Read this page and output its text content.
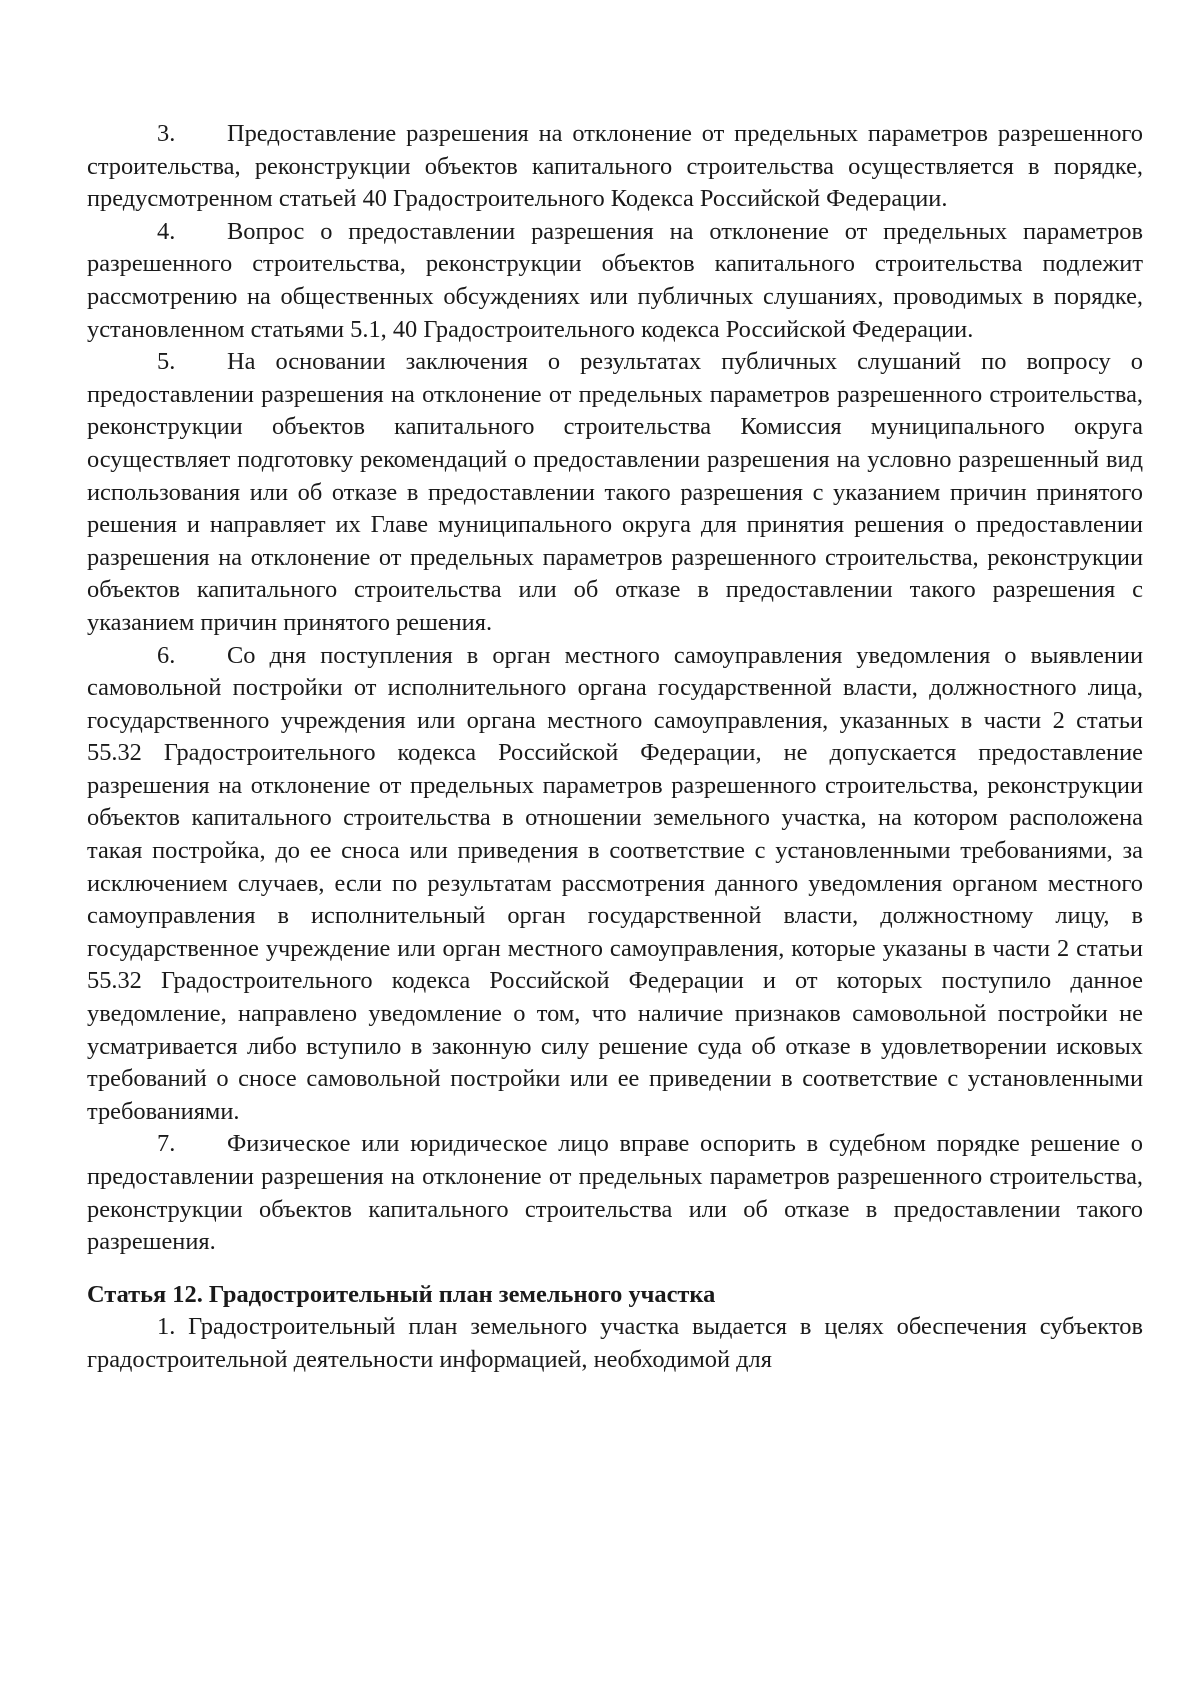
3. Предоставление разрешения на отклонение от предельных параметров разрешенного строительства, реконструкции объектов капитального строительства осуществляется в порядке, предусмотренном статьей 40 Градостроительного Кодекса Российской Федерации.

4. Вопрос о предоставлении разрешения на отклонение от предельных параметров разрешенного строительства, реконструкции объектов капитального строительства подлежит рассмотрению на общественных обсуждениях или публичных слушаниях, проводимых в порядке, установленном статьями 5.1, 40 Градостроительного кодекса Российской Федерации.

5. На основании заключения о результатах публичных слушаний по вопросу о предоставлении разрешения на отклонение от предельных параметров разрешенного строительства, реконструкции объектов капитального строительства Комиссия муниципального округа осуществляет подготовку рекомендаций о предоставлении разрешения на условно разрешенный вид использования или об отказе в предоставлении такого разрешения с указанием причин принятого решения и направляет их Главе муниципального округа для принятия решения о предоставлении разрешения на отклонение от предельных параметров разрешенного строительства, реконструкции объектов капитального строительства или об отказе в предоставлении такого разрешения с указанием причин принятого решения.

6. Со дня поступления в орган местного самоуправления уведомления о выявлении самовольной постройки от исполнительного органа государственной власти, должностного лица, государственного учреждения или органа местного самоуправления, указанных в части 2 статьи 55.32 Градостроительного кодекса Российской Федерации, не допускается предоставление разрешения на отклонение от предельных параметров разрешенного строительства, реконструкции объектов капитального строительства в отношении земельного участка, на котором расположена такая постройка, до ее сноса или приведения в соответствие с установленными требованиями, за исключением случаев, если по результатам рассмотрения данного уведомления органом местного самоуправления в исполнительный орган государственной власти, должностному лицу, в государственное учреждение или орган местного самоуправления, которые указаны в части 2 статьи 55.32 Градостроительного кодекса Российской Федерации и от которых поступило данное уведомление, направлено уведомление о том, что наличие признаков самовольной постройки не усматривается либо вступило в законную силу решение суда об отказе в удовлетворении исковых требований о сносе самовольной постройки или ее приведении в соответствие с установленными требованиями.

7. Физическое или юридическое лицо вправе оспорить в судебном порядке решение о предоставлении разрешения на отклонение от предельных параметров разрешенного строительства, реконструкции объектов капитального строительства или об отказе в предоставлении такого разрешения.

Статья 12. Градостроительный план земельного участка

1. Градостроительный план земельного участка выдается в целях обеспечения субъектов градостроительной деятельности информацией, необходимой для
